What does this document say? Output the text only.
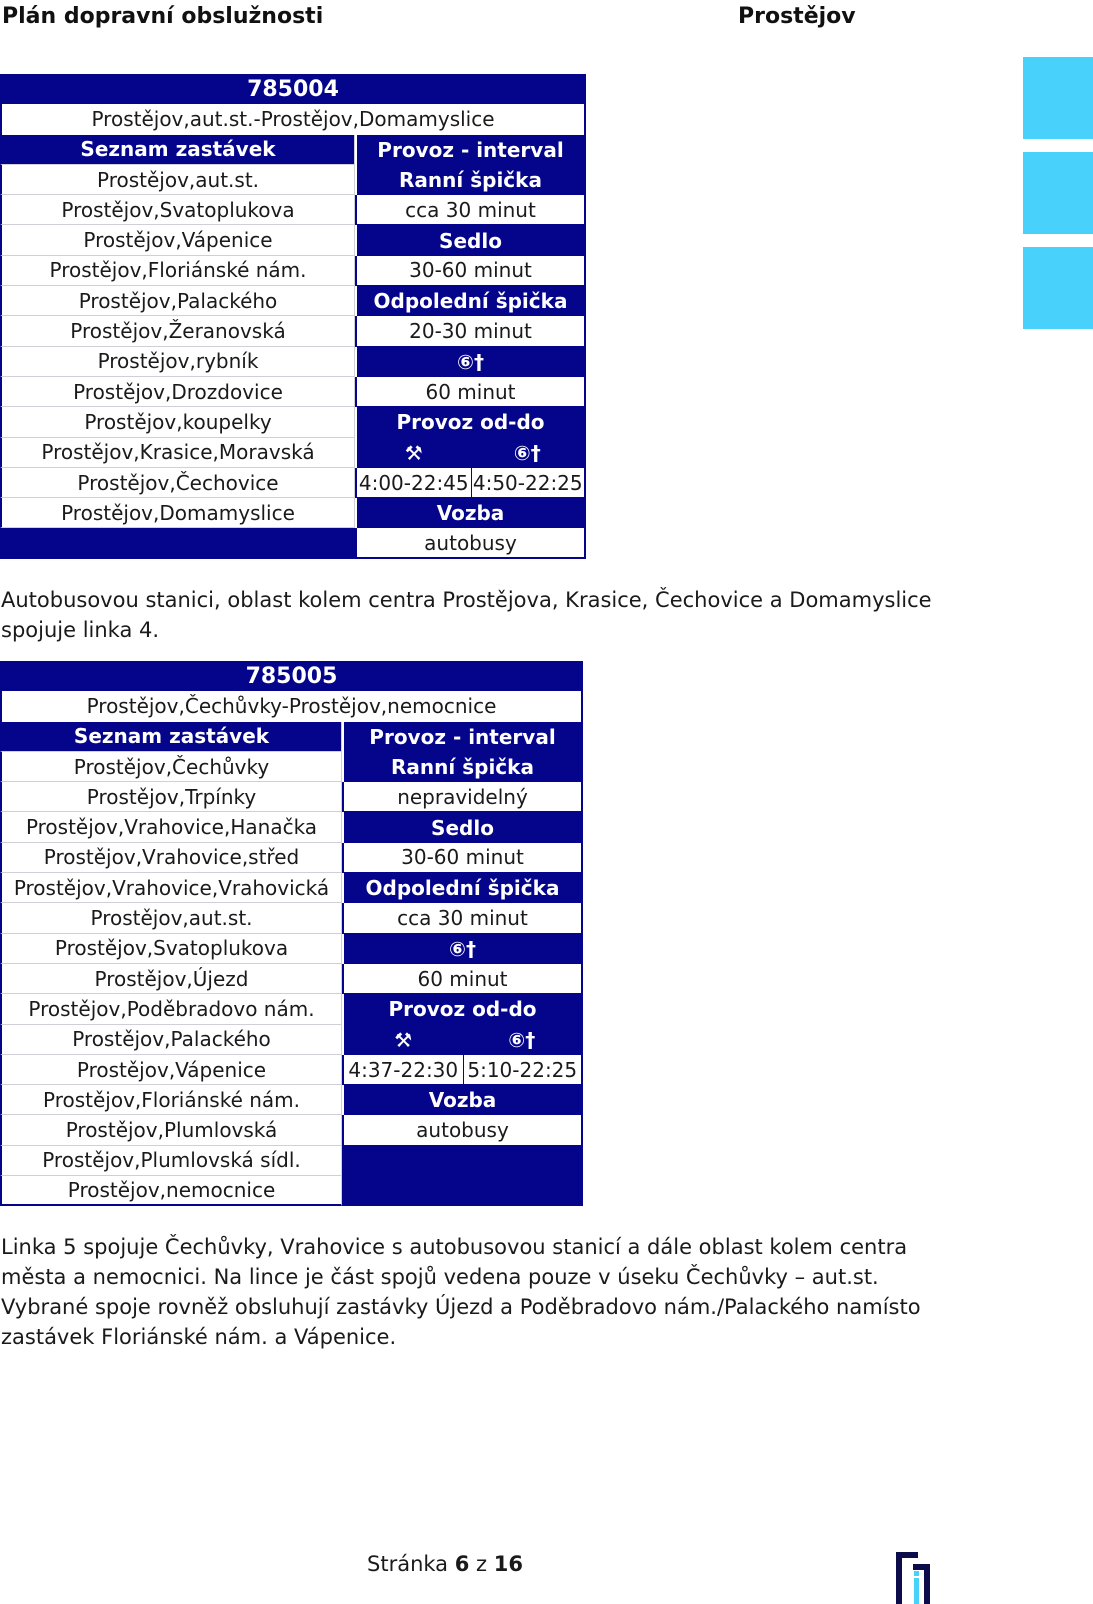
Plán dopravní obslužnosti	Prostějov
785004
Prostějov,aut.st.-Prostějov,Domamyslice
Seznam zastávek	Provoz - interval
Prostějov,aut.st.	Ranní špička
Prostějov,Svatoplukova	cca 30 minut
Prostějov,Vápenice	Sedlo
Prostějov,Floriánské nám.	30-60 minut
Prostějov,Palackého	Odpolední špička
Prostějov,Žeranovská	20-30 minut
Prostějov,rybník	⑥†
Prostějov,Drozdovice	60 minut
Prostějov,koupelky	Provoz od-do
Prostějov,Krasice,Moravská	⚒	⑥†
Prostějov,Čechovice	4:00-22:45 4:50-22:25
Prostějov,Domamyslice	Vozba
autobusy
Autobusovou stanici, oblast kolem centra Prostějova, Krasice, Čechovice a Domamyslice spojuje linka 4.
785005
Prostějov,Čechůvky-Prostějov,nemocnice
Seznam zastávek	Provoz - interval
Prostějov,Čechůvky	Ranní špička
Prostějov,Trpínky	nepravidelný
Prostějov,Vrahovice,Hanačka	Sedlo
Prostějov,Vrahovice,střed	30-60 minut
Prostějov,Vrahovice,Vrahovická	Odpolední špička
Prostějov,aut.st.	cca 30 minut
Prostějov,Svatoplukova	⑥†
Prostějov,Újezd	60 minut
Prostějov,Poděbradovo nám.	Provoz od-do
Prostějov,Palackého	⚒	⑥†
Prostějov,Vápenice	4:37-22:30 5:10-22:25
Prostějov,Floriánské nám.	Vozba
Prostějov,Plumlovská	autobusy
Prostějov,Plumlovská sídl.
Prostějov,nemocnice
Linka 5 spojuje Čechůvky, Vrahovice s autobusovou stanicí a dále oblast kolem centra města a nemocnici. Na lince je část spojů vedena pouze v úseku Čechůvky – aut.st. Vybrané spoje rovněž obsluhují zastávky Újezd a Poděbradovo nám./Palackého namísto zastávek Floriánské nám. a Vápenice.
Stránka 6 z 16
